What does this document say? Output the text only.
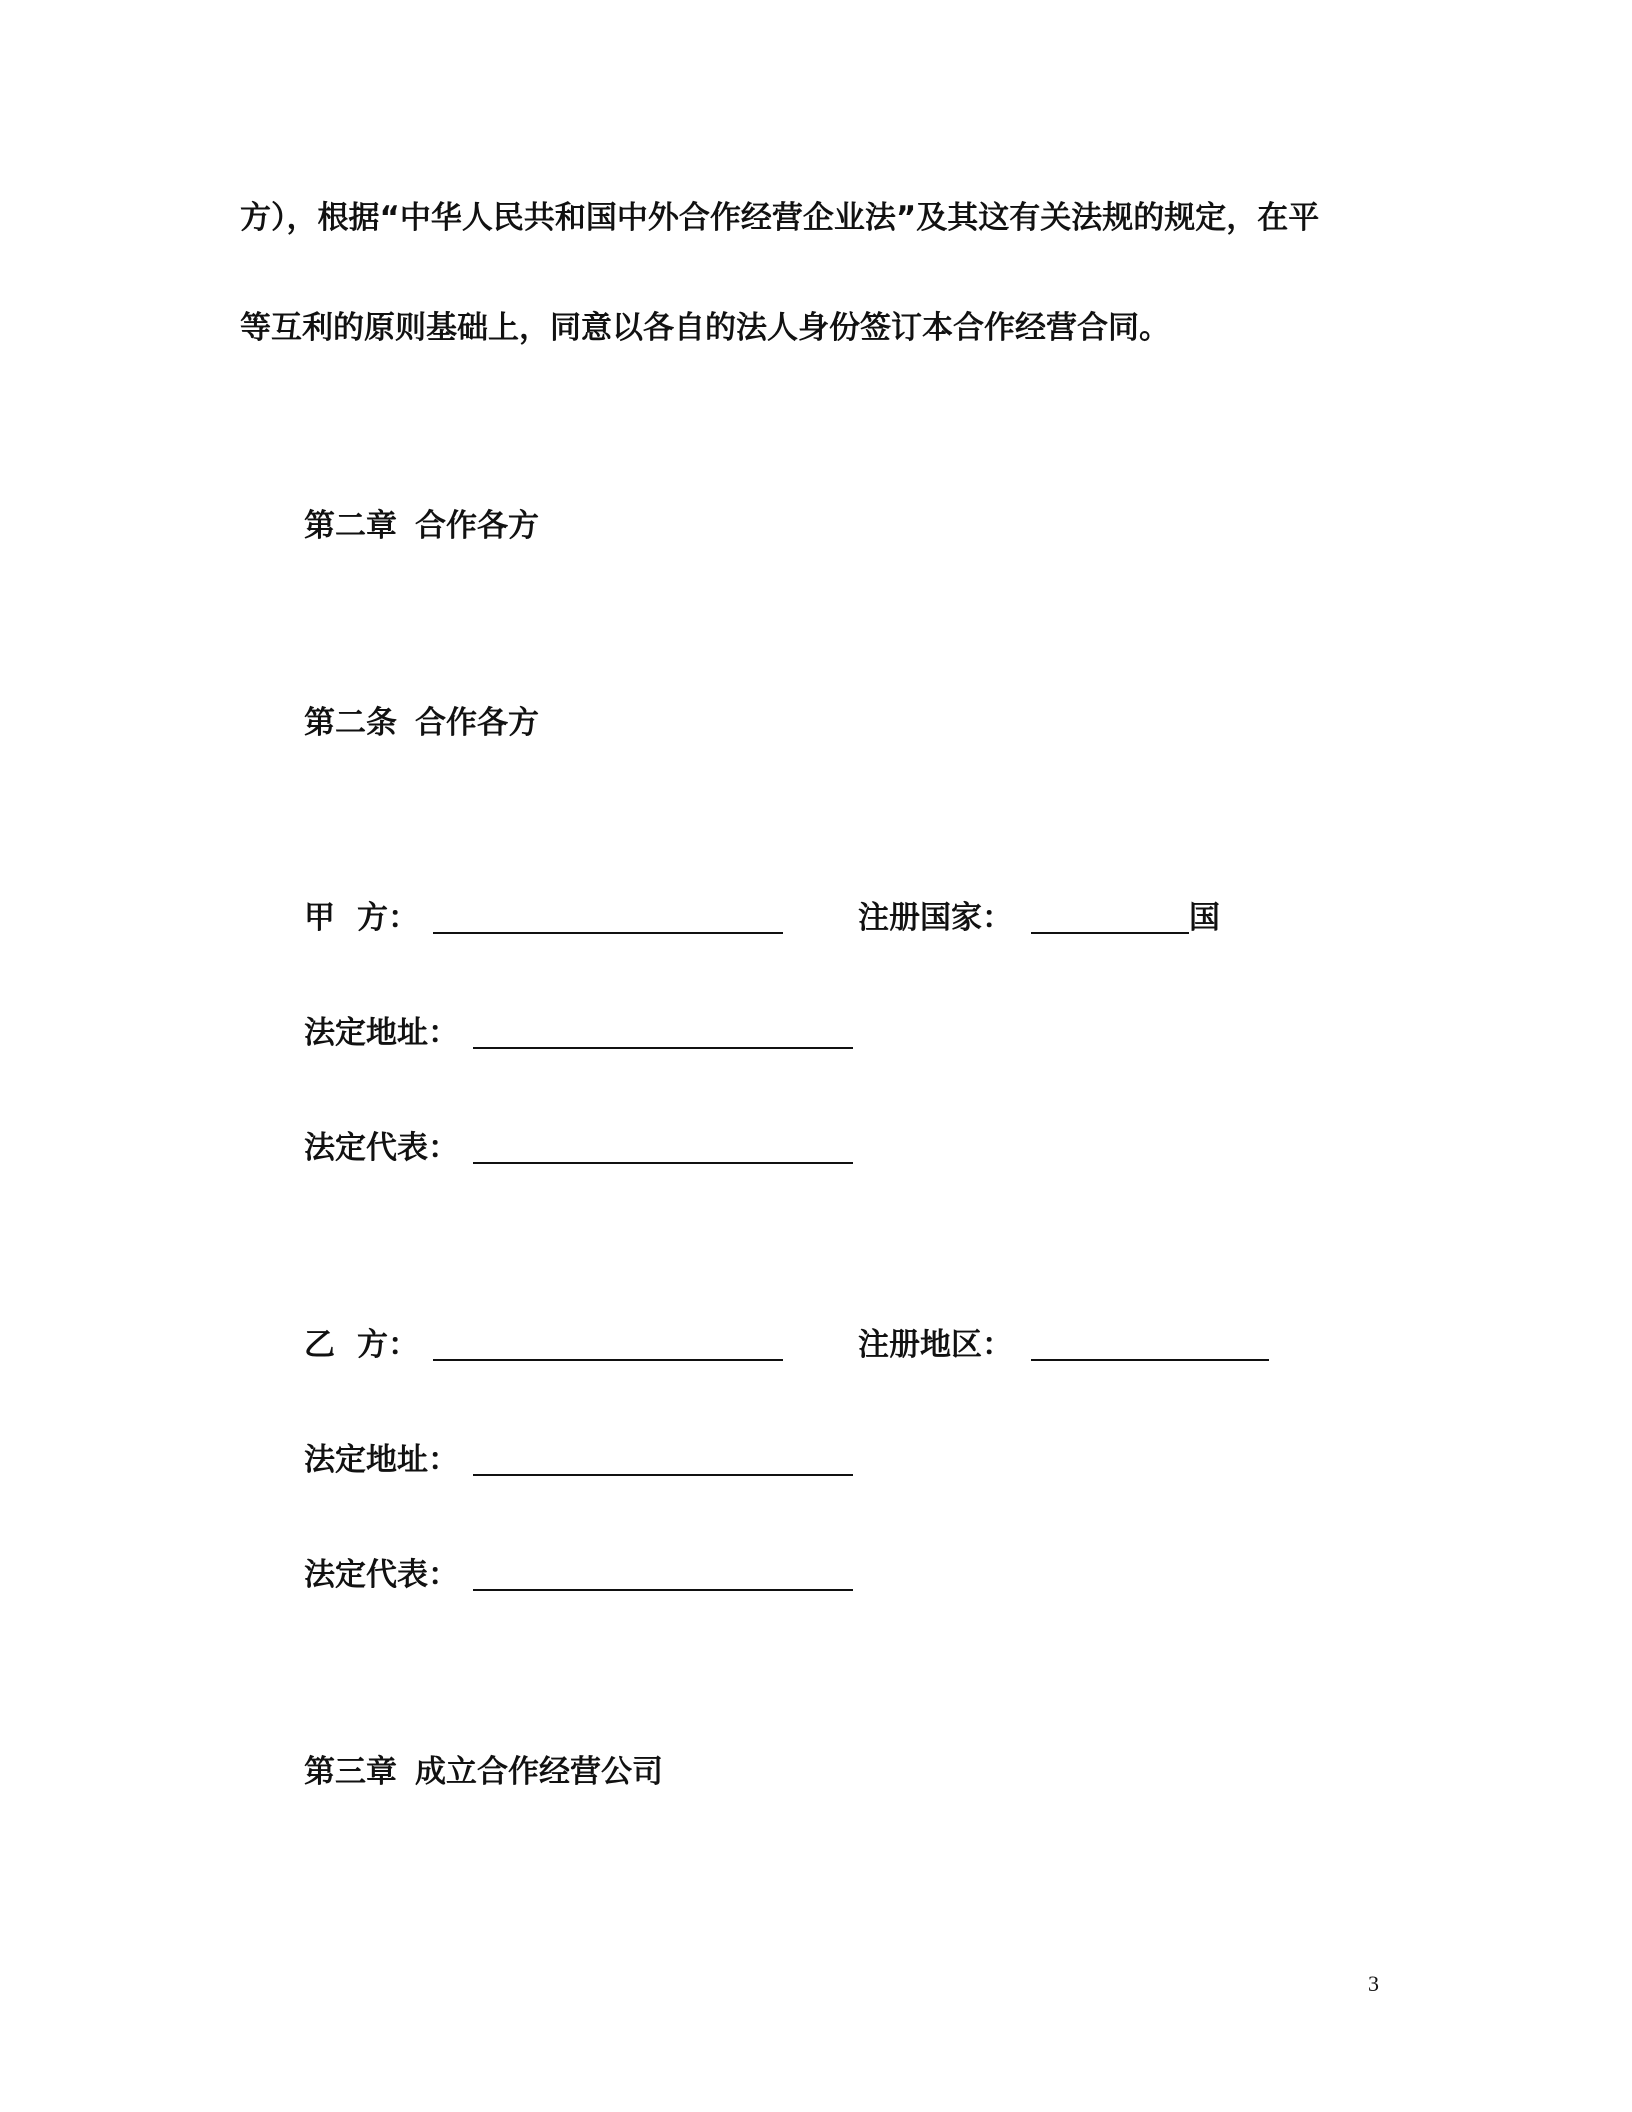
方），根据“中华人民共和国中外合作经营企业法”及其这有关法规的规定，在平
等互利的原则基础上，同意以各自的法人身份签订本合作经营合同。
第二章 合作各方
第二条 合作各方
甲 方：	注册国家：	国
法定地址：
法定代表：
乙 方：	注册地区：
法定地址：
法定代表：
第三章 成立合作经营公司
3
